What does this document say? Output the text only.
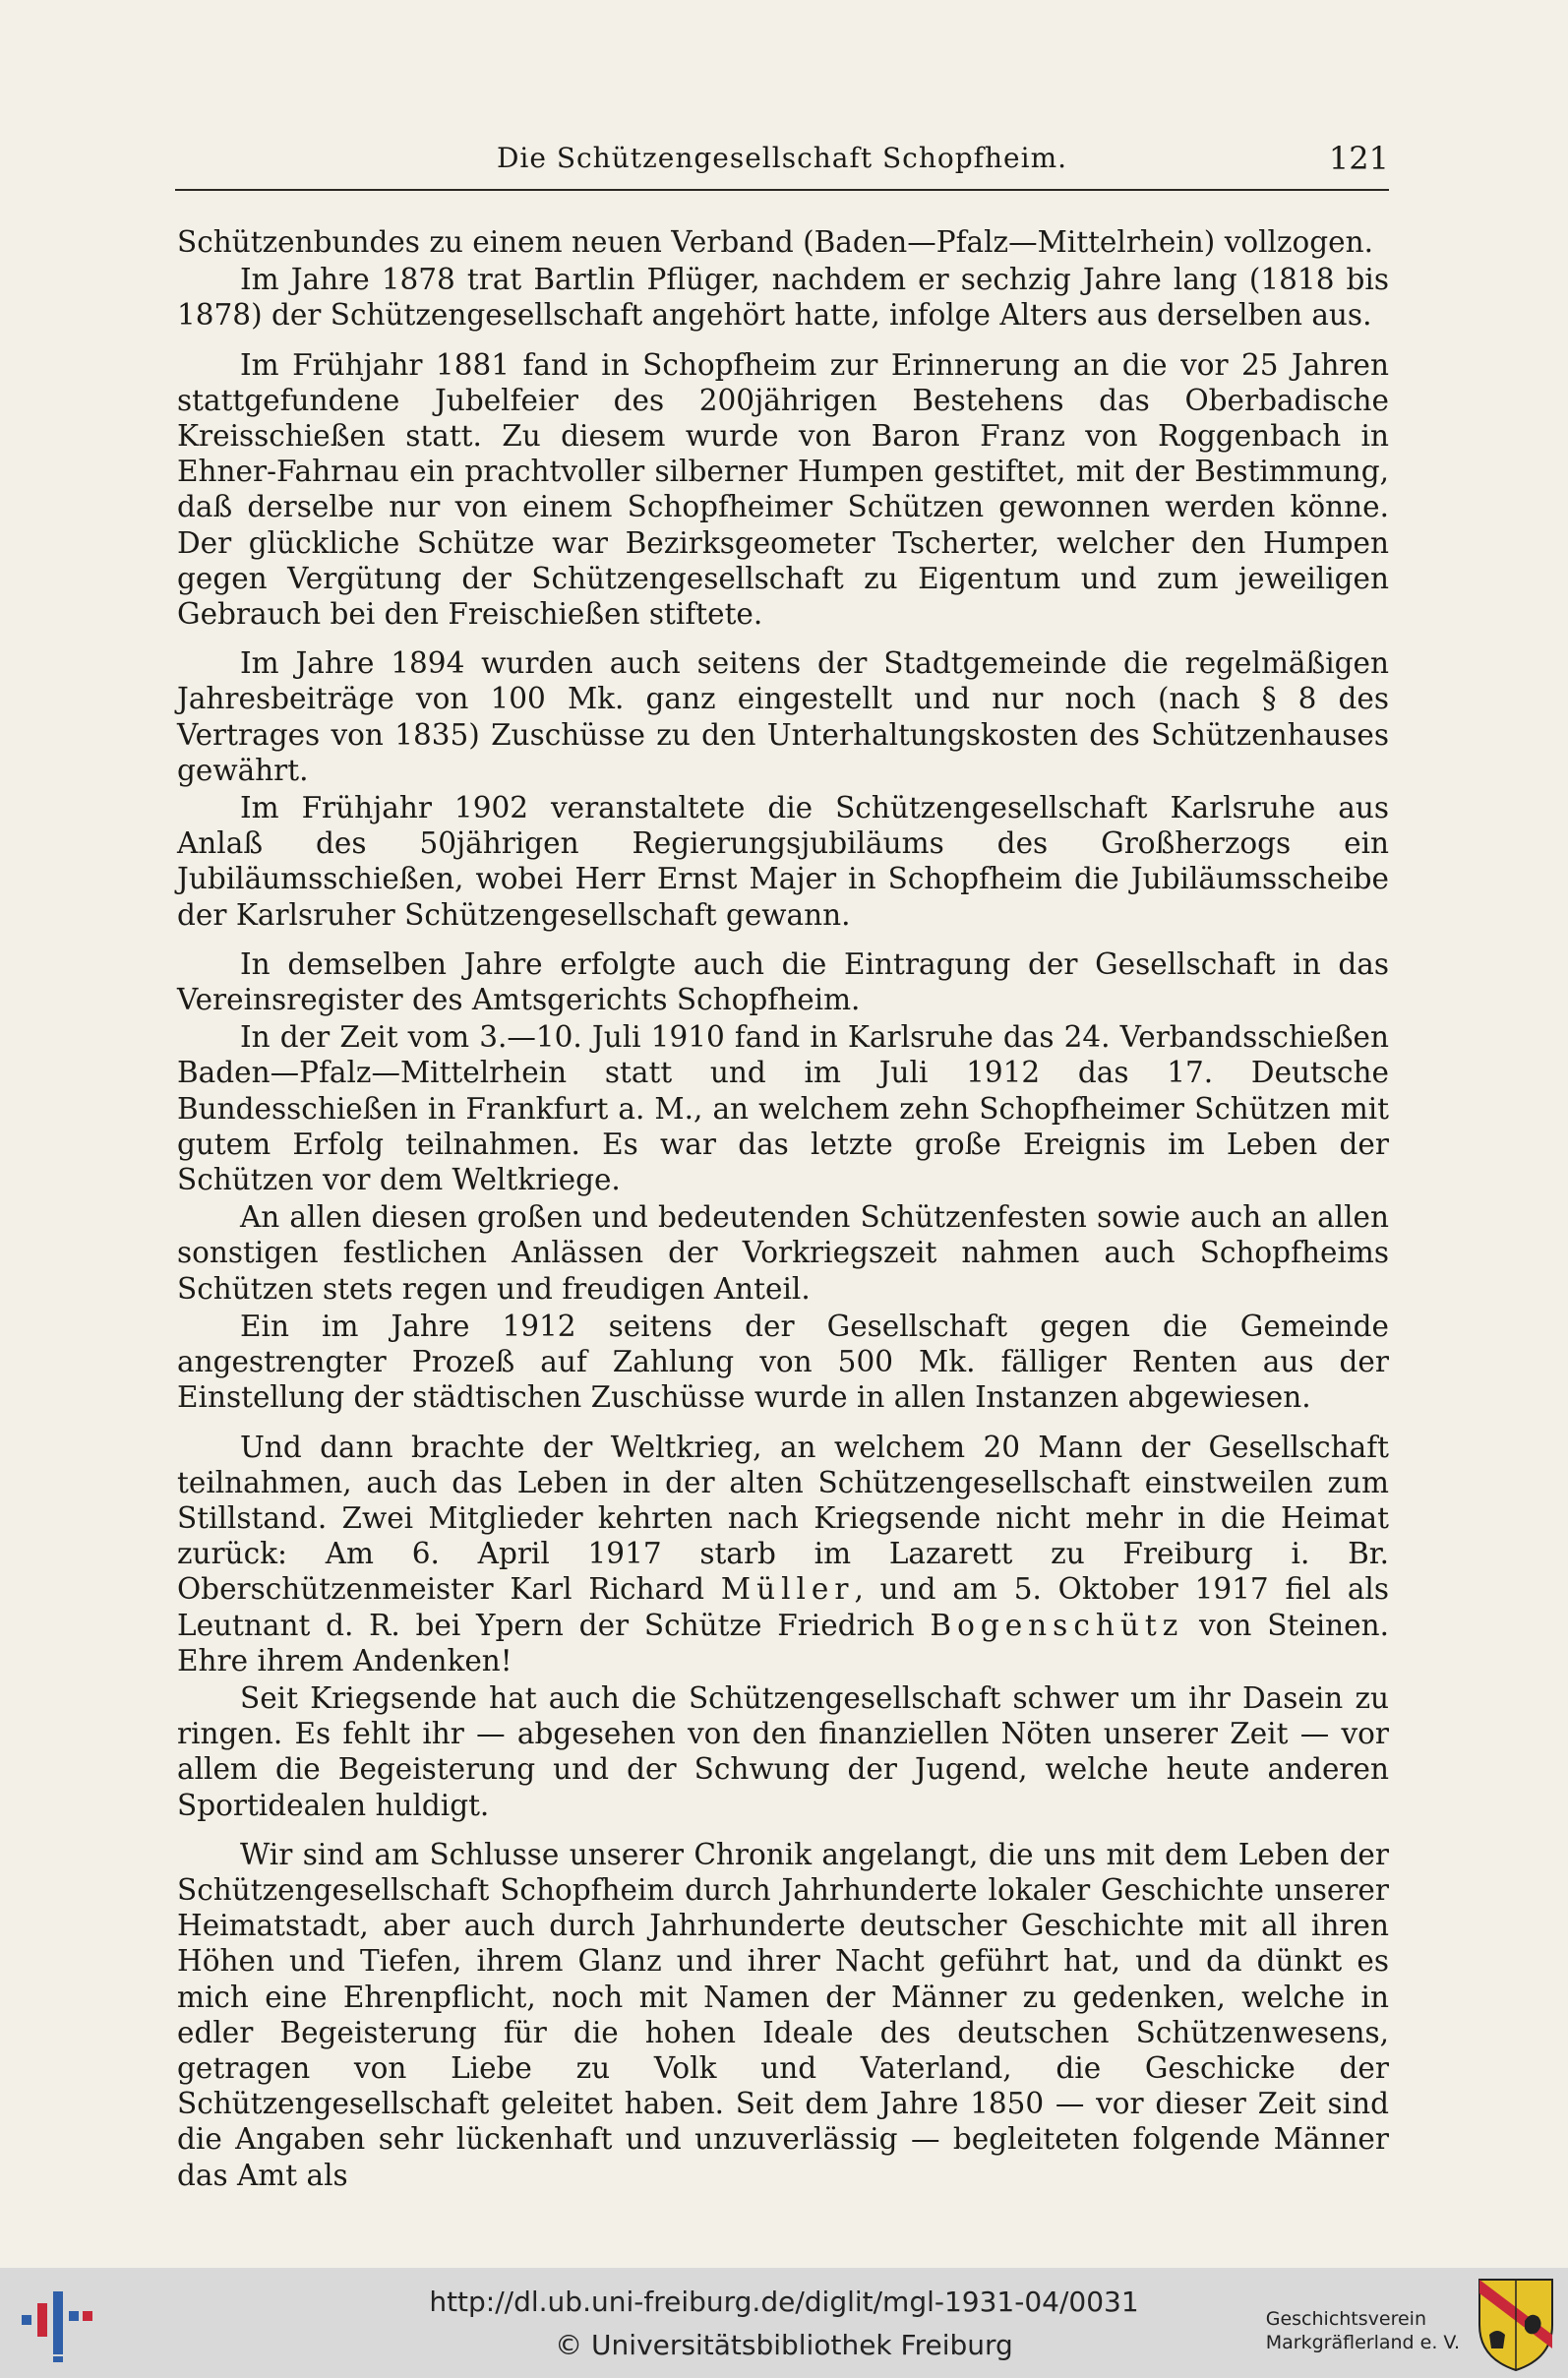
Die Schützengesellschaft Schopfheim.	121

Schützenbundes zu einem neuen Verband (Baden—Pfalz—Mittelrhein) vollzogen.

Im Jahre 1878 trat Bartlin Pflüger, nachdem er sechzig Jahre lang (1818 bis 1878) der Schützengesellschaft angehört hatte, infolge Alters aus derselben aus.

Im Frühjahr 1881 fand in Schopfheim zur Erinnerung an die vor 25 Jahren stattgefundene Jubelfeier des 200jährigen Bestehens das Oberbadische Kreisschießen statt. Zu diesem wurde von Baron Franz von Roggenbach in Ehner-Fahrnau ein prachtvoller silberner Humpen gestiftet, mit der Bestimmung, daß derselbe nur von einem Schopfheimer Schützen gewonnen werden könne. Der glückliche Schütze war Bezirksgeometer Tscherter, welcher den Humpen gegen Vergütung der Schützengesellschaft zu Eigentum und zum jeweiligen Gebrauch bei den Freischießen stiftete.

Im Jahre 1894 wurden auch seitens der Stadtgemeinde die regelmäßigen Jahresbeiträge von 100 Mk. ganz eingestellt und nur noch (nach § 8 des Vertrages von 1835) Zuschüsse zu den Unterhaltungskosten des Schützenhauses gewährt.

Im Frühjahr 1902 veranstaltete die Schützengesellschaft Karlsruhe aus Anlaß des 50jährigen Regierungsjubiläums des Großherzogs ein Jubiläumsschießen, wobei Herr Ernst Majer in Schopfheim die Jubiläumsscheibe der Karlsruher Schützengesellschaft gewann.

In demselben Jahre erfolgte auch die Eintragung der Gesellschaft in das Vereinsregister des Amtsgerichts Schopfheim.

In der Zeit vom 3.—10. Juli 1910 fand in Karlsruhe das 24. Verbandsschießen Baden—Pfalz—Mittelrhein statt und im Juli 1912 das 17. Deutsche Bundesschießen in Frankfurt a. M., an welchem zehn Schopfheimer Schützen mit gutem Erfolg teilnahmen. Es war das letzte große Ereignis im Leben der Schützen vor dem Weltkriege.

An allen diesen großen und bedeutenden Schützenfesten sowie auch an allen sonstigen festlichen Anlässen der Vorkriegszeit nahmen auch Schopfheims Schützen stets regen und freudigen Anteil.

Ein im Jahre 1912 seitens der Gesellschaft gegen die Gemeinde angestrengter Prozeß auf Zahlung von 500 Mk. fälliger Renten aus der Einstellung der städtischen Zuschüsse wurde in allen Instanzen abgewiesen.

Und dann brachte der Weltkrieg, an welchem 20 Mann der Gesellschaft teilnahmen, auch das Leben in der alten Schützengesellschaft einstweilen zum Stillstand. Zwei Mitglieder kehrten nach Kriegsende nicht mehr in die Heimat zurück: Am 6. April 1917 starb im Lazarett zu Freiburg i. Br. Oberschützenmeister Karl Richard Müller, und am 5. Oktober 1917 fiel als Leutnant d. R. bei Ypern der Schütze Friedrich Bogenschütz von Steinen. Ehre ihrem Andenken!

Seit Kriegsende hat auch die Schützengesellschaft schwer um ihr Dasein zu ringen. Es fehlt ihr — abgesehen von den finanziellen Nöten unserer Zeit — vor allem die Begeisterung und der Schwung der Jugend, welche heute anderen Sportidealen huldigt.

Wir sind am Schlusse unserer Chronik angelangt, die uns mit dem Leben der Schützengesellschaft Schopfheim durch Jahrhunderte lokaler Geschichte unserer Heimatstadt, aber auch durch Jahrhunderte deutscher Geschichte mit all ihren Höhen und Tiefen, ihrem Glanz und ihrer Nacht geführt hat, und da dünkt es mich eine Ehrenpflicht, noch mit Namen der Männer zu gedenken, welche in edler Begeisterung für die hohen Ideale des deutschen Schützenwesens, getragen von Liebe zu Volk und Vaterland, die Geschicke der Schützengesellschaft geleitet haben. Seit dem Jahre 1850 — vor dieser Zeit sind die Angaben sehr lückenhaft und unzuverlässig — begleiteten folgende Männer das Amt als

http://dl.ub.uni-freiburg.de/diglit/mgl-1931-04/0031
© Universitätsbibliothek Freiburg
Geschichtsverein
Markgräflerland e. V.
